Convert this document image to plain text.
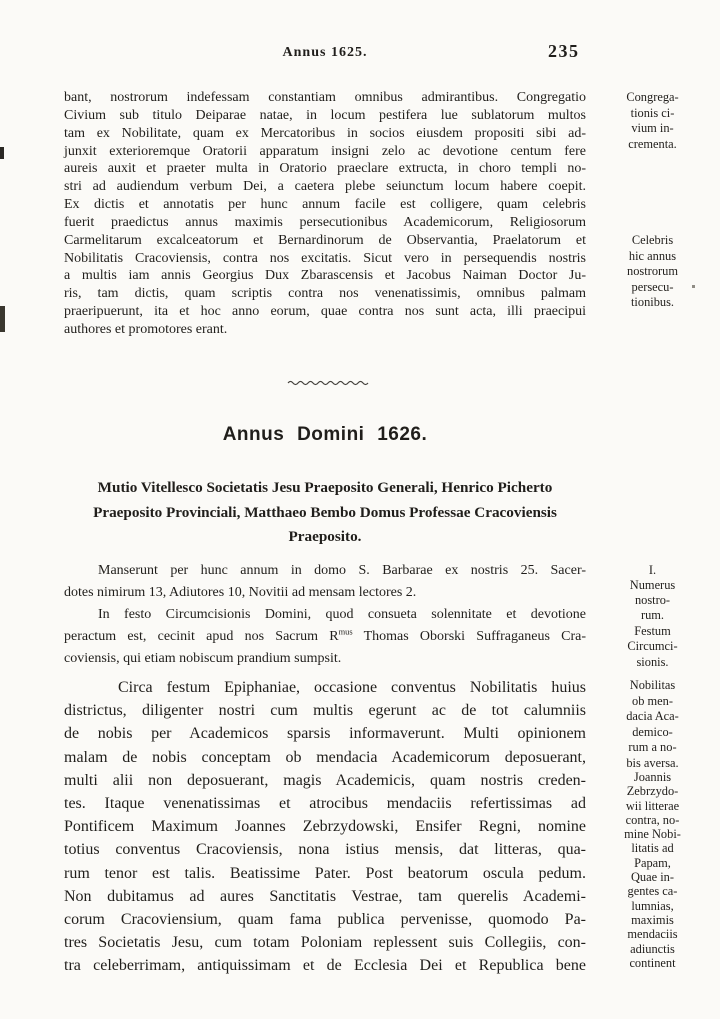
Annus 1625.	235
bant, nostrorum indefessam constantiam omnibus admirantibus. Congregatio
Civium sub titulo Deiparae natae, in locum pestifera lue sublatorum multos
tam ex Nobilitate, quam ex Mercatoribus in socios eiusdem propositi sibi ad-
junxit exterioremque Oratorii apparatum insigni zelo ac devotione centum fere
aureis auxit et praeter multa in Oratorio praeclare extructa, in choro templi no-
stri ad audiendum verbum Dei, a caetera plebe seiunctum locum habere coepit.
Ex dictis et annotatis per hunc annum facile est colligere, quam celebris
fuerit praedictus annus maximis persecutionibus Academicorum, Religiosorum
Carmelitarum excalceatorum et Bernardinorum de Observantia, Praelatorum et
Nobilitatis Cracoviensis, contra nos excitatis. Sicut vero in persequendis nostris
a multis iam annis Georgius Dux Zbarascensis et Jacobus Naiman Doctor Ju-
ris, tam dictis, quam scriptis contra nos venenatissimis, omnibus palmam
praeripuerunt, ita et hoc anno eorum, quae contra nos sunt acta, illi praecipui
authores et promotores erant.
Annus Domini 1626.
Mutio Vitellesco Societatis Jesu Praeposito Generali, Henrico Picherto
Praeposito Provinciali, Matthaeo Bembo Domus Professae Cracoviensis
Praeposito.
Manserunt per hunc annum in domo S. Barbarae ex nostris 25. Sacer-
dotes nimirum 13, Adiutores 10, Novitii ad mensam lectores 2.
In festo Circumcisionis Domini, quod consueta solennitate et devotione
peractum est, cecinit apud nos Sacrum $R^{mus}$ Thomas Oborski Suffraganeus Cra-
coviensis, qui etiam nobiscum prandium sumpsit.
Circa festum Epiphaniae, occasione conventus Nobilitatis huius
districtus, diligenter nostri cum multis egerunt ac de tot calumniis
de nobis per Academicos sparsis informaverunt. Multi opinionem
malam de nobis conceptam ob mendacia Academicorum deposuerant,
multi alii non deposuerant, magis Academicis, quam nostris creden-
tes. Itaque venenatissimas et atrocibus mendaciis refertissimas ad
Pontificem Maximum Joannes Zebrzydowski, Ensifer Regni, nomine
totius conventus Cracoviensis, nona istius mensis, dat litteras, qua-
rum tenor est talis. Beatissime Pater. Post beatorum oscula pedum.
Non dubitamus ad aures Sanctitatis Vestrae, tam querelis Academi-
corum Cracoviensium, quam fama publica pervenisse, quomodo Pa-
tres Societatis Jesu, cum totam Poloniam replessent suis Collegiis, con-
tra celeberrimam, antiquissimam et de Ecclesia Dei et Republica bene
Congrega-
tionis ci-
vium in-
crementa.
Celebris
hic annus
nostrorum
persecu-
tionibus.
I.
Numerus
nostro-
rum.
Festum
Circumci-
sionis.
Nobilitas
ob men-
dacia Aca-
demico-
rum a no-
bis aversa.
Joannis
Zebrzydo-
wii litterae
contra, no-
mine Nobi-
litatis ad
Papam,
Quae in-
gentes ca-
lumnias,
maximis
mendaciis
adiunctis
continent
